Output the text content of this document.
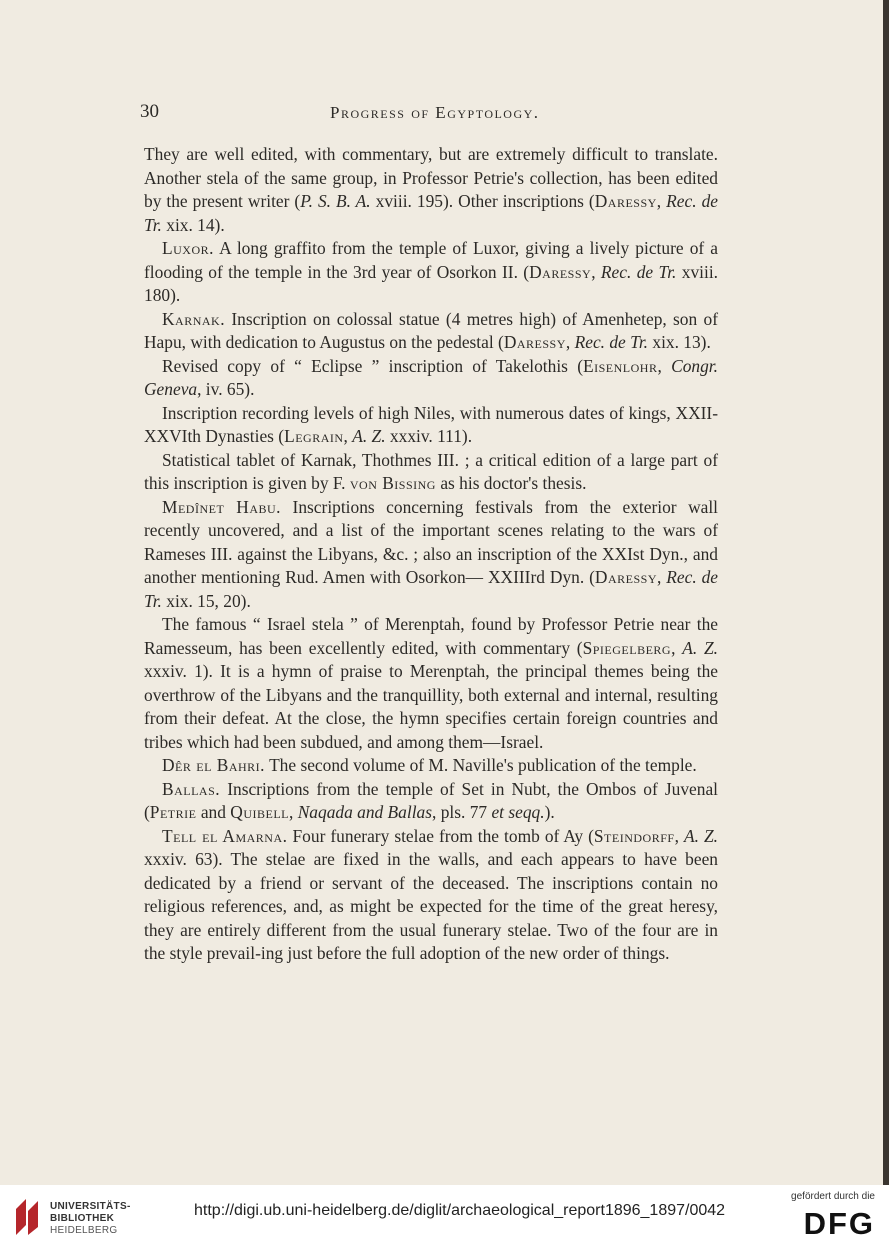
30	Progress of Egyptology.

They are well edited, with commentary, but are extremely difficult to translate. Another stela of the same group, in Professor Petrie's collection, has been edited by the present writer (P. S. B. A. xviii. 195). Other inscriptions (Daressy, Rec. de Tr. xix. 14).

Luxor. A long graffito from the temple of Luxor, giving a lively picture of a flooding of the temple in the 3rd year of Osorkon II. (Daressy, Rec. de Tr. xviii. 180).

Karnak. Inscription on colossal statue (4 metres high) of Amenhetep, son of Hapu, with dedication to Augustus on the pedestal (Daressy, Rec. de Tr. xix. 13).

Revised copy of “ Eclipse ” inscription of Takelothis (Eisenlohr, Congr. Geneva, iv. 65).

Inscription recording levels of high Niles, with numerous dates of kings, XXII-XXVIth Dynasties (Legrain, A. Z. xxxiv. 111).

Statistical tablet of Karnak, Thothmes III. ; a critical edition of a large part of this inscription is given by F. von Bissing as his doctor's thesis.

Medînet Habu. Inscriptions concerning festivals from the exterior wall recently uncovered, and a list of the important scenes relating to the wars of Rameses III. against the Libyans, &c. ; also an inscription of the XXIst Dyn., and another mentioning Rud. Amen with Osorkon— XXIIIrd Dyn. (Daressy, Rec. de Tr. xix. 15, 20).

The famous “ Israel stela ” of Merenptah, found by Professor Petrie near the Ramesseum, has been excellently edited, with commentary (Spiegelberg, A. Z. xxxiv. 1). It is a hymn of praise to Merenptah, the principal themes being the overthrow of the Libyans and the tranquillity, both external and internal, resulting from their defeat. At the close, the hymn specifies certain foreign countries and tribes which had been subdued, and among them—Israel.

Dêr el Bahri. The second volume of M. Naville's publication of the temple.

Ballas. Inscriptions from the temple of Set in Nubt, the Ombos of Juvenal (Petrie and Quibell, Naqada and Ballas, pls. 77 et seqq.).

Tell el Amarna. Four funerary stelae from the tomb of Ay (Steindorff, A. Z. xxxiv. 63). The stelae are fixed in the walls, and each appears to have been dedicated by a friend or servant of the deceased. The inscriptions contain no religious references, and, as might be expected for the time of the great heresy, they are entirely different from the usual funerary stelae. Two of the four are in the style prevail-ing just before the full adoption of the new order of things.

UNIVERSITÄTS-
BIBLIOTHEK
HEIDELBERG
http://digi.ub.uni-heidelberg.de/diglit/archaeological_report1896_1897/0042
gefördert durch die
DFG
